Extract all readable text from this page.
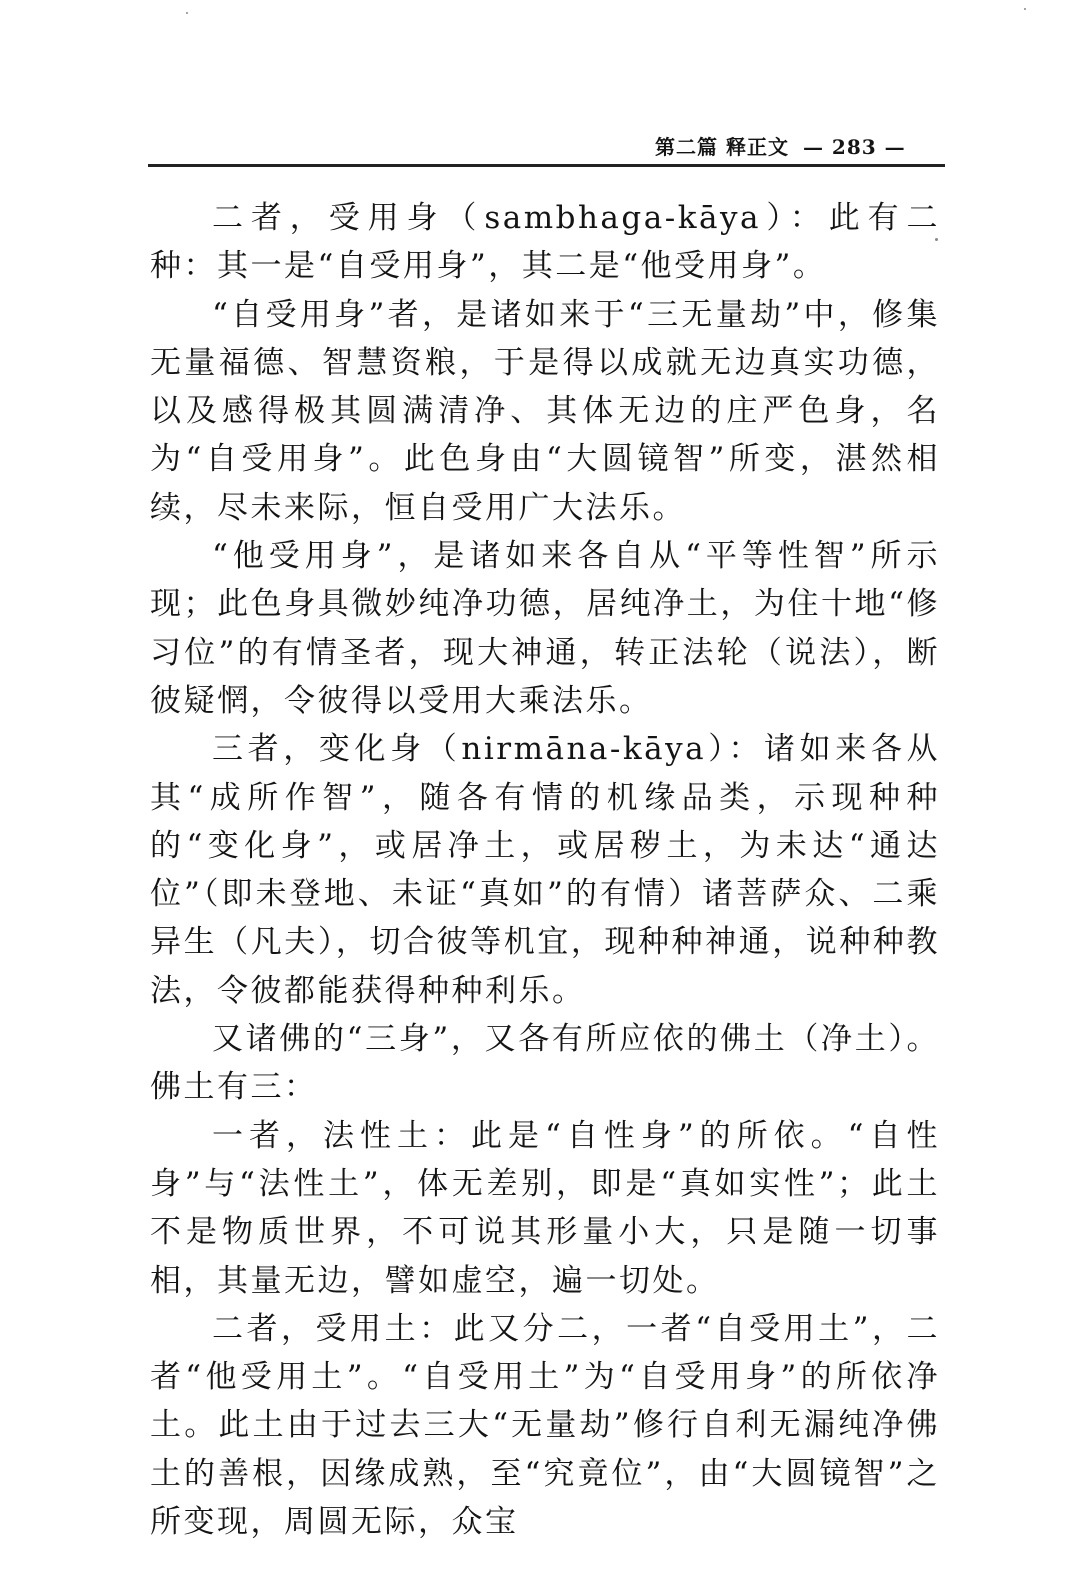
第二篇 释正文 — 283 —

二者，受用身（sambhaga-kāya）：此有二种：其一是“自受用身”，其二是“他受用身”。

“自受用身”者，是诸如来于“三无量劫”中，修集无量福德、智慧资粮，于是得以成就无边真实功德，以及感得极其圆满清净、其体无边的庄严色身，名为“自受用身”。此色身由“大圆镜智”所变，湛然相续，尽未来际，恒自受用广大法乐。

“他受用身”，是诸如来各自从“平等性智”所示现；此色身具微妙纯净功德，居纯净土，为住十地“修习位”的有情圣者，现大神通，转正法轮（说法），断彼疑惘，令彼得以受用大乘法乐。

三者，变化身（nirmāna-kāya）：诸如来各从其“成所作智”，随各有情的机缘品类，示现种种的“变化身”，或居净土，或居秽土，为未达“通达位”（即未登地、未证“真如”的有情）诸菩萨众、二乘异生（凡夫），切合彼等机宜，现种种神通，说种种教法，令彼都能获得种种利乐。

又诸佛的“三身”，又各有所应依的佛土（净土）。佛土有三：

一者，法性土：此是“自性身”的所依。“自性身”与“法性土”，体无差别，即是“真如实性”；此土不是物质世界，不可说其形量小大，只是随一切事相，其量无边，譬如虚空，遍一切处。

二者，受用土：此又分二，一者“自受用土”，二者“他受用土”。“自受用土”为“自受用身”的所依净土。此土由于过去三大“无量劫”修行自利无漏纯净佛土的善根，因缘成熟，至“究竟位”，由“大圆镜智”之所变现，周圆无际，众宝
